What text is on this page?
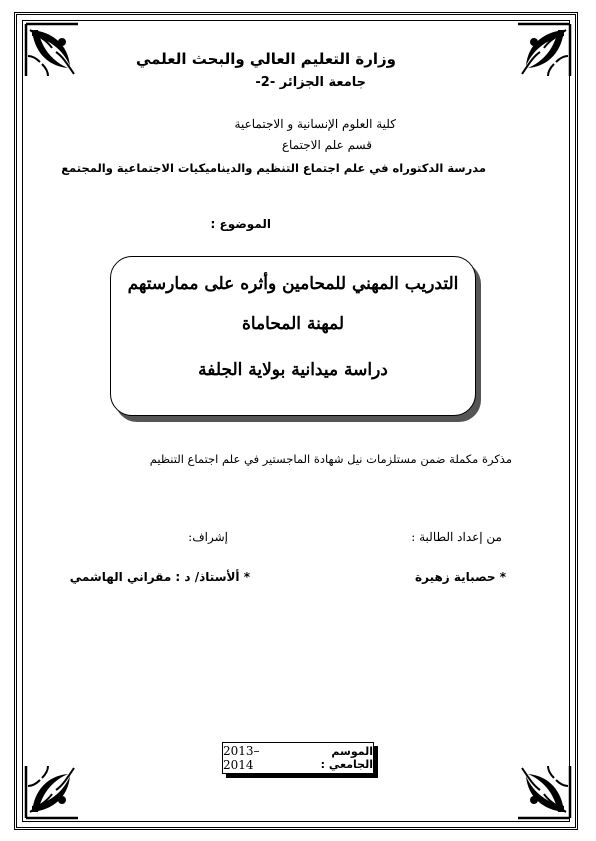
وزارة التعليم العالي والبحث العلمي
جامعة الجزائر -2-
كلية العلوم الإنسانية و الاجتماعية
قسم علم الاجتماع
مدرسة الدكتوراه في علم اجتماع التنظيم والديناميكيات الاجتماعية والمجتمع
الموضوع :
التدريب المهني للمحامين وأثره على ممارستهم
لمهنة المحاماة
دراسة ميدانية بولاية الجلفة
مذكرة مكملة ضمن مستلزمات نيل شهادة الماجستير في علم اجتماع التنظيم
من إعداد الطالبة :
إشراف:
* حصباية زهيرة
* ألأستاذ/ د : مقراني الهاشمي
الموسم الجامعي :
2013– 2014
